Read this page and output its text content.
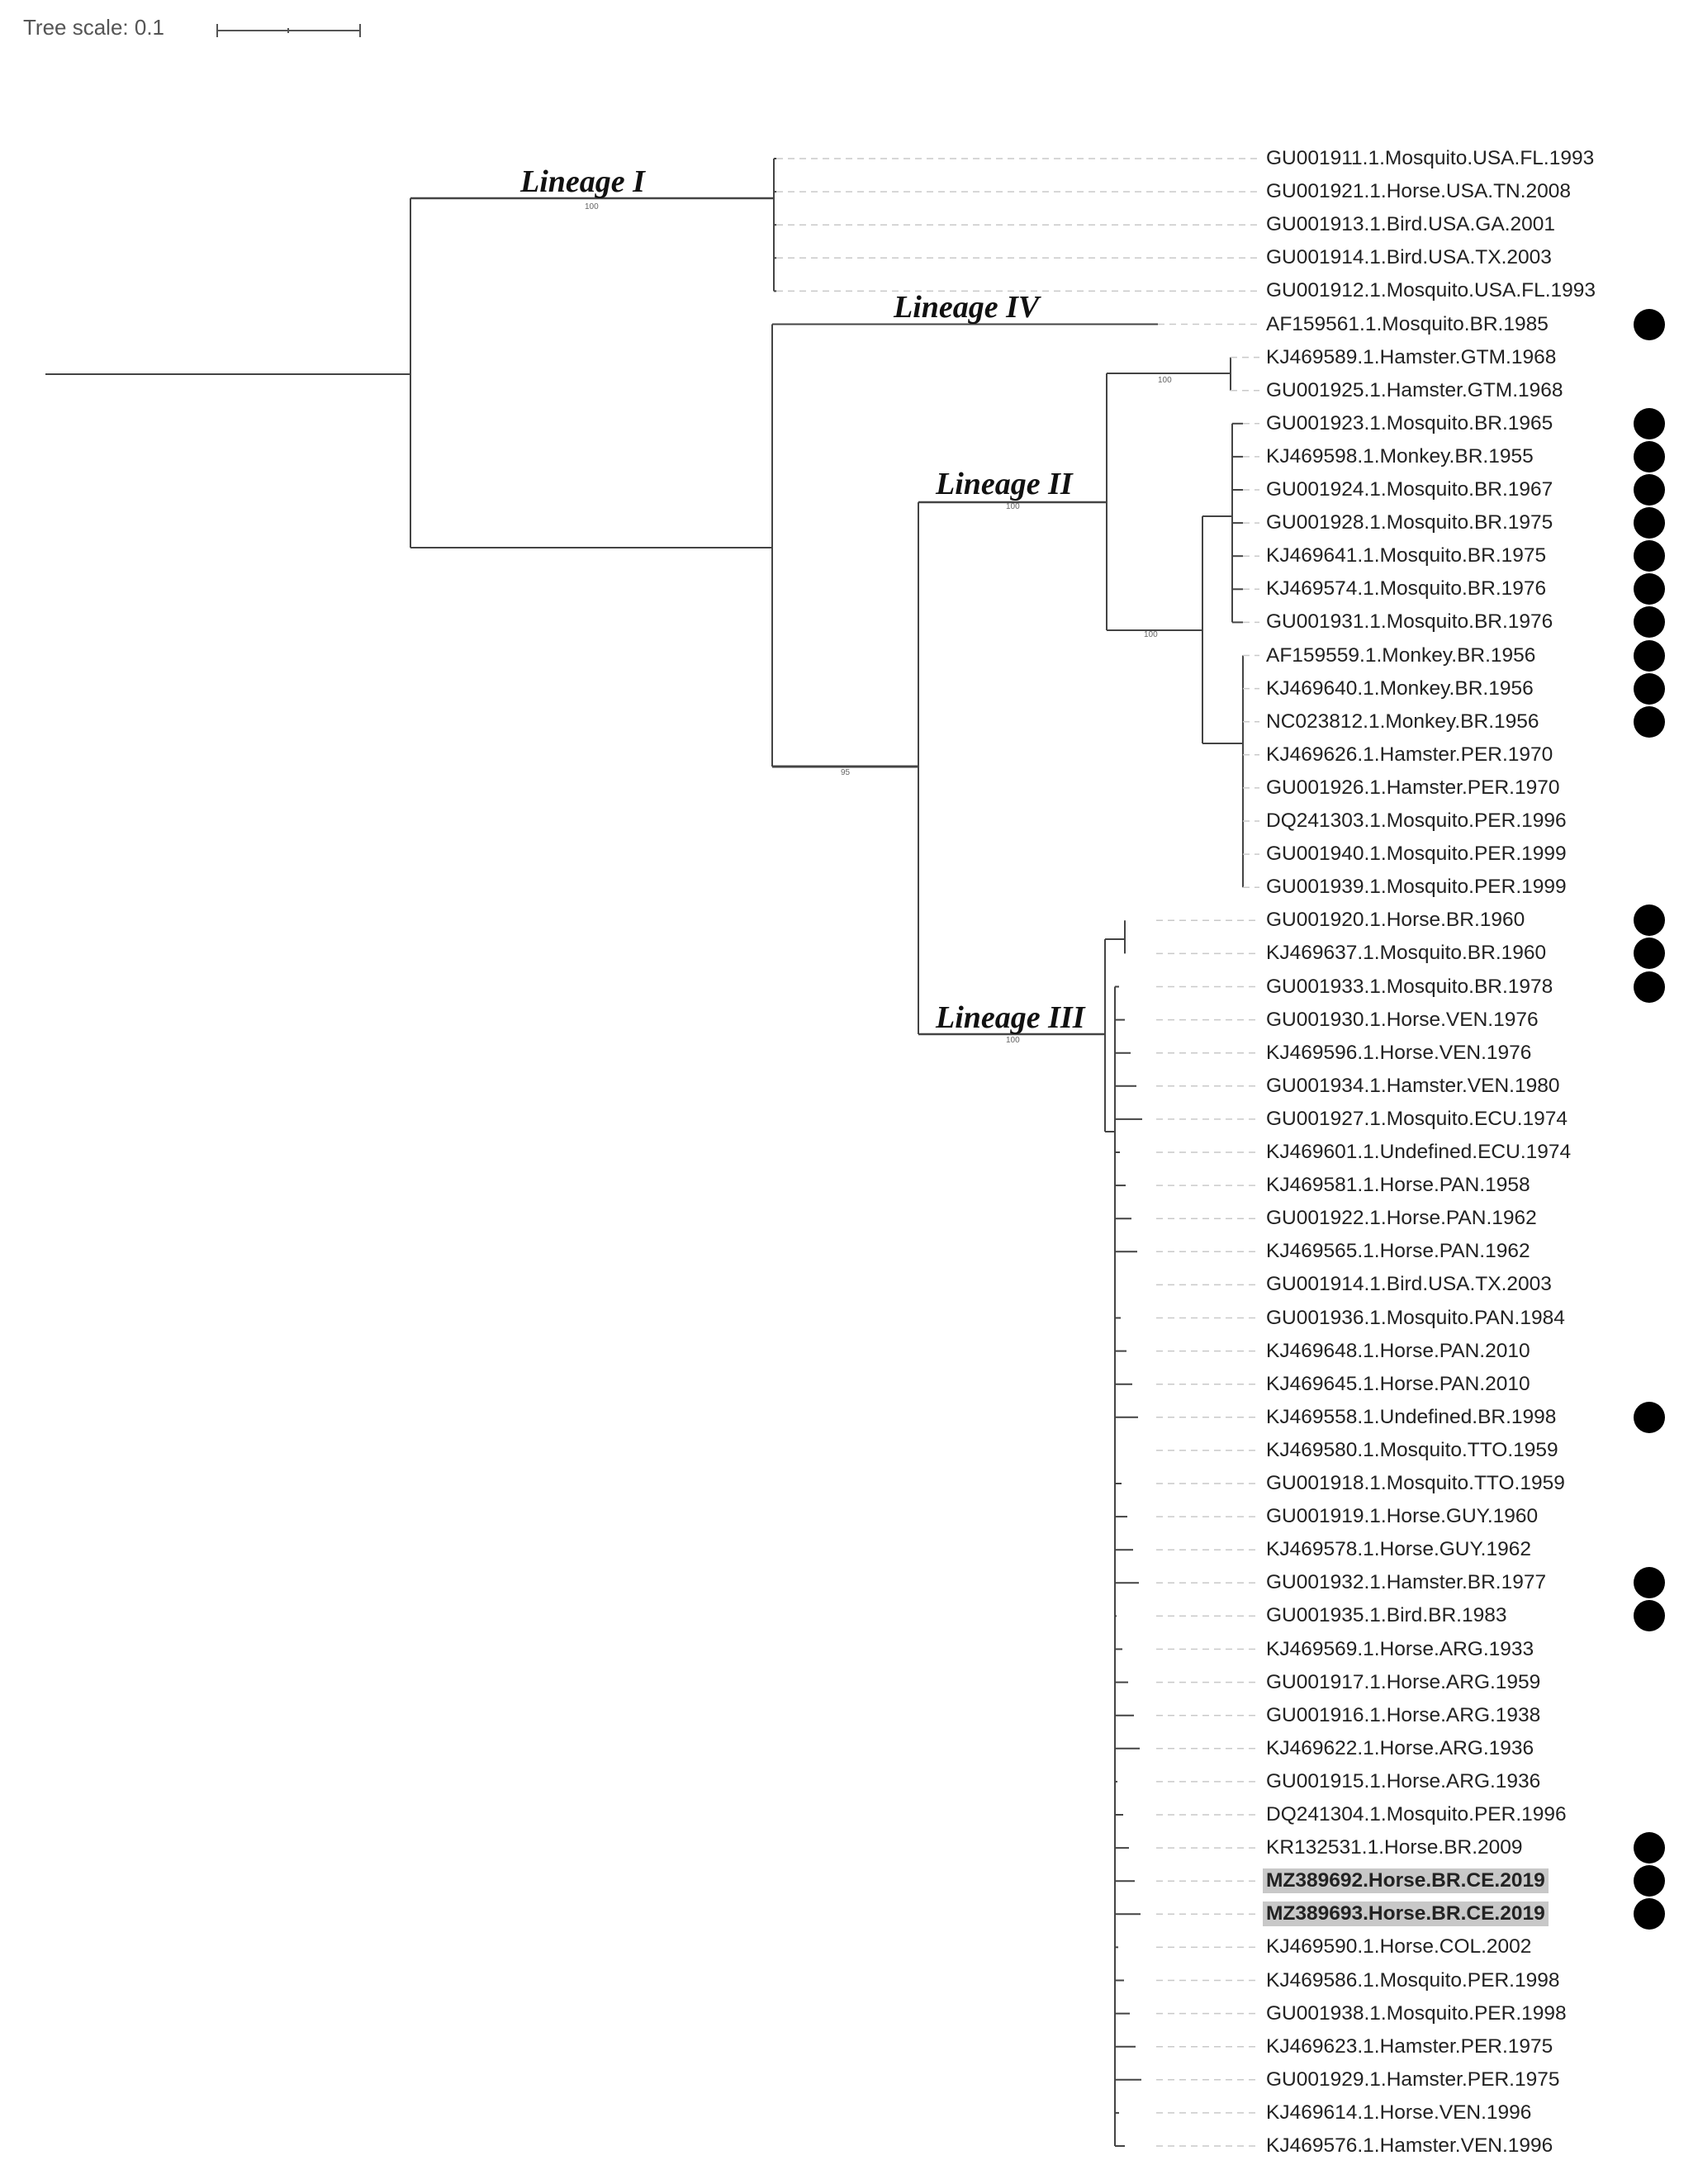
Tree scale: 0.1
GU001911.1.Mosquito.USA.FL.1993
GU001921.1.Horse.USA.TN.2008
GU001913.1.Bird.USA.GA.2001
GU001914.1.Bird.USA.TX.2003
GU001912.1.Mosquito.USA.FL.1993
AF159561.1.Mosquito.BR.1985
KJ469589.1.Hamster.GTM.1968
GU001925.1.Hamster.GTM.1968
GU001923.1.Mosquito.BR.1965
KJ469598.1.Monkey.BR.1955
GU001924.1.Mosquito.BR.1967
GU001928.1.Mosquito.BR.1975
KJ469641.1.Mosquito.BR.1975
KJ469574.1.Mosquito.BR.1976
GU001931.1.Mosquito.BR.1976
AF159559.1.Monkey.BR.1956
KJ469640.1.Monkey.BR.1956
NC023812.1.Monkey.BR.1956
KJ469626.1.Hamster.PER.1970
GU001926.1.Hamster.PER.1970
DQ241303.1.Mosquito.PER.1996
GU001940.1.Mosquito.PER.1999
GU001939.1.Mosquito.PER.1999
GU001920.1.Horse.BR.1960
KJ469637.1.Mosquito.BR.1960
GU001933.1.Mosquito.BR.1978
GU001930.1.Horse.VEN.1976
KJ469596.1.Horse.VEN.1976
GU001934.1.Hamster.VEN.1980
GU001927.1.Mosquito.ECU.1974
KJ469601.1.Undefined.ECU.1974
KJ469581.1.Horse.PAN.1958
GU001922.1.Horse.PAN.1962
KJ469565.1.Horse.PAN.1962
GU001914.1.Bird.USA.TX.2003
GU001936.1.Mosquito.PAN.1984
KJ469648.1.Horse.PAN.2010
KJ469645.1.Horse.PAN.2010
KJ469558.1.Undefined.BR.1998
KJ469580.1.Mosquito.TTO.1959
GU001918.1.Mosquito.TTO.1959
GU001919.1.Horse.GUY.1960
KJ469578.1.Horse.GUY.1962
GU001932.1.Hamster.BR.1977
GU001935.1.Bird.BR.1983
KJ469569.1.Horse.ARG.1933
GU001917.1.Horse.ARG.1959
GU001916.1.Horse.ARG.1938
KJ469622.1.Horse.ARG.1936
GU001915.1.Horse.ARG.1936
DQ241304.1.Mosquito.PER.1996
KR132531.1.Horse.BR.2009
MZ389692.Horse.BR.CE.2019
MZ389693.Horse.BR.CE.2019
KJ469590.1.Horse.COL.2002
KJ469586.1.Mosquito.PER.1998
GU001938.1.Mosquito.PER.1998
KJ469623.1.Hamster.PER.1975
GU001929.1.Hamster.PER.1975
KJ469614.1.Horse.VEN.1996
KJ469576.1.Hamster.VEN.1996
Lineage I
Lineage IV
Lineage II
Lineage III
100
100
100
95
100
100
